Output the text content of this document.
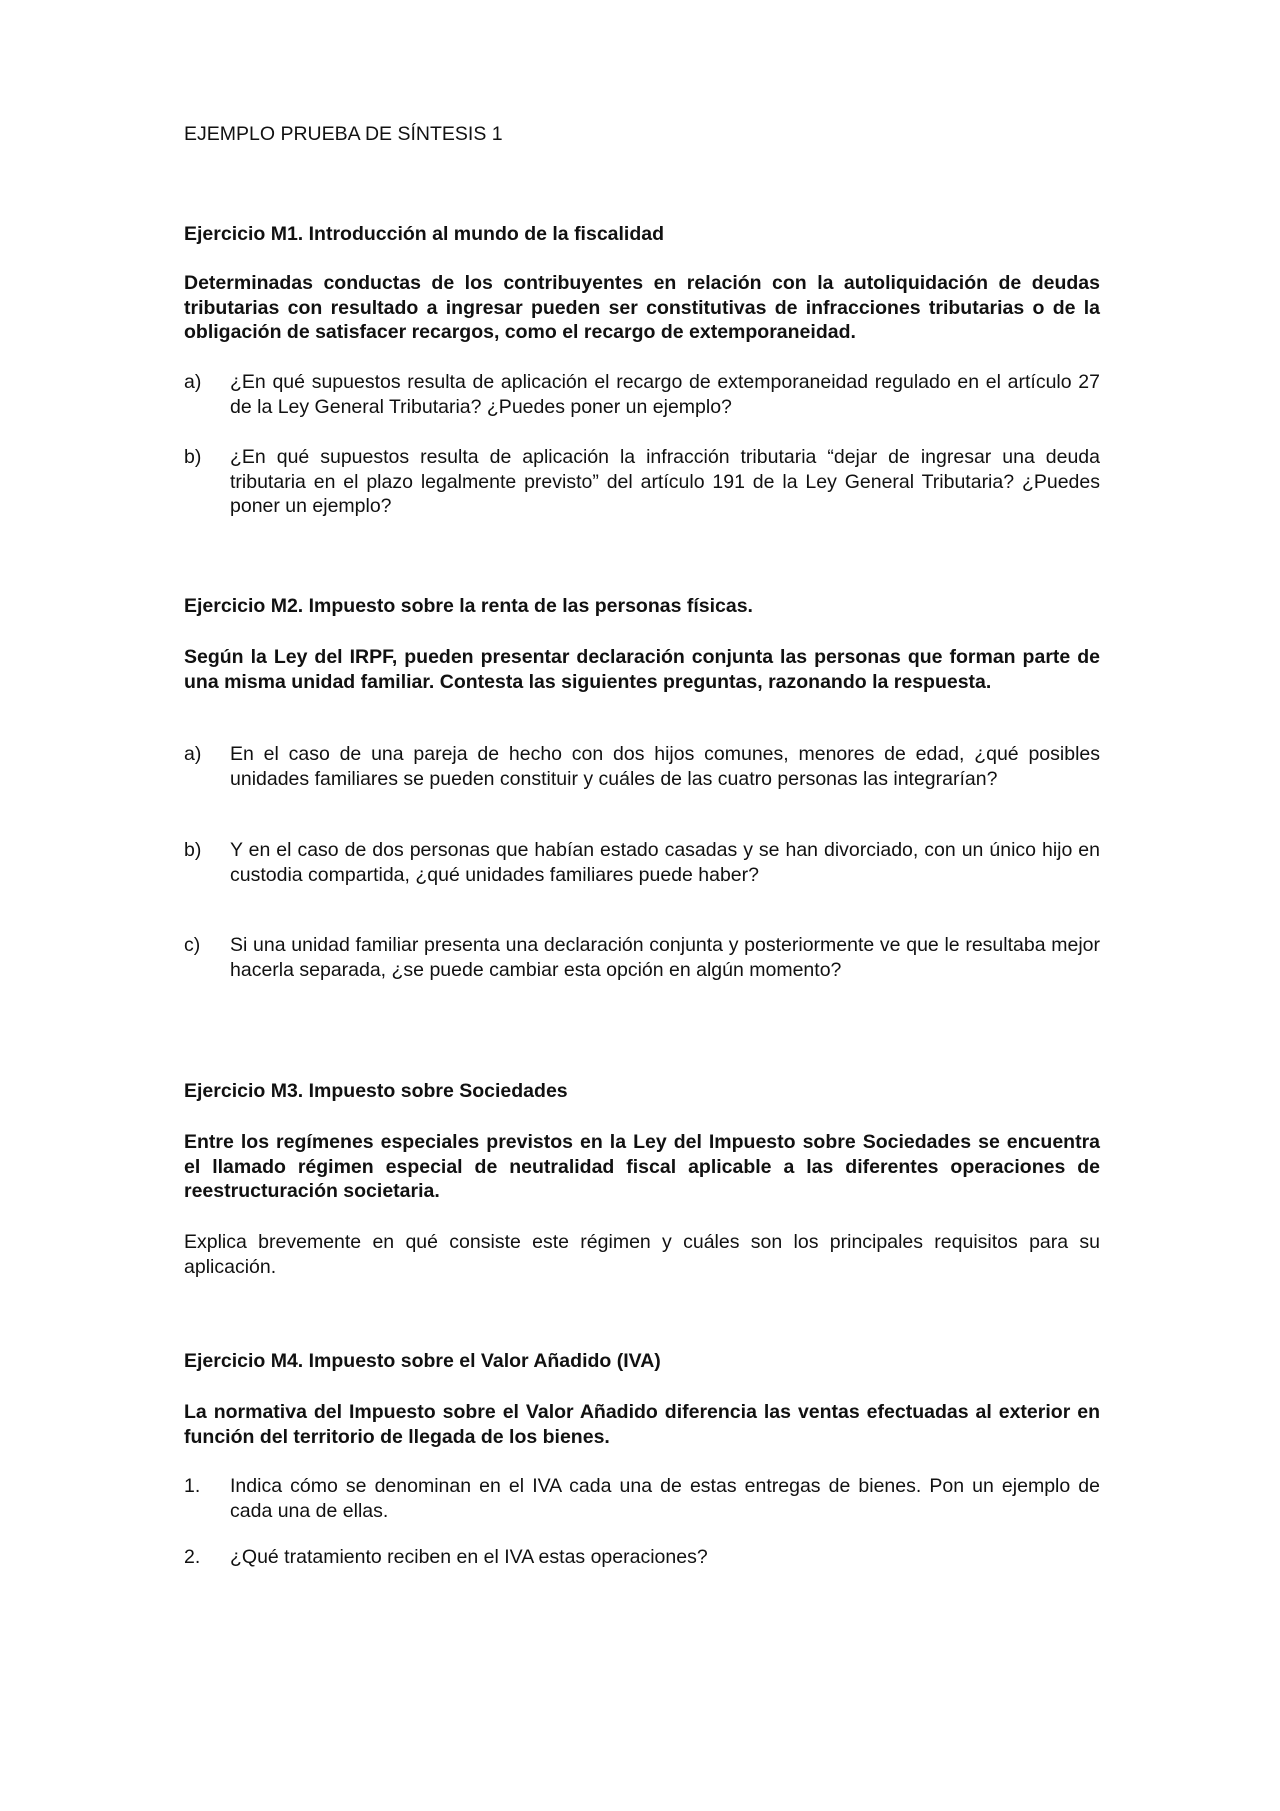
EJEMPLO PRUEBA DE SÍNTESIS 1

Ejercicio M1. Introducción al mundo de la fiscalidad

Determinadas conductas de los contribuyentes en relación con la autoliquidación de deudas tributarias con resultado a ingresar pueden ser constitutivas de infracciones tributarias o de la obligación de satisfacer recargos, como el recargo de extemporaneidad.

a)	¿En qué supuestos resulta de aplicación el recargo de extemporaneidad regulado en el artículo 27 de la Ley General Tributaria? ¿Puedes poner un ejemplo?
b)	¿En qué supuestos resulta de aplicación la infracción tributaria “dejar de ingresar una deuda tributaria en el plazo legalmente previsto” del artículo 191 de la Ley General Tributaria? ¿Puedes poner un ejemplo?

Ejercicio M2. Impuesto sobre la renta de las personas físicas.

Según la Ley del IRPF, pueden presentar declaración conjunta las personas que forman parte de una misma unidad familiar. Contesta las siguientes preguntas, razonando la respuesta.

a)	En el caso de una pareja de hecho con dos hijos comunes, menores de edad, ¿qué posibles unidades familiares se pueden constituir y cuáles de las cuatro personas las integrarían?
b)	Y en el caso de dos personas que habían estado casadas y se han divorciado, con un único hijo en custodia compartida, ¿qué unidades familiares puede haber?
c)	Si una unidad familiar presenta una declaración conjunta y posteriormente ve que le resultaba mejor hacerla separada, ¿se puede cambiar esta opción en algún momento?

Ejercicio M3. Impuesto sobre Sociedades

Entre los regímenes especiales previstos en la Ley del Impuesto sobre Sociedades se encuentra el llamado régimen especial de neutralidad fiscal aplicable a las diferentes operaciones de reestructuración societaria.

Explica brevemente en qué consiste este régimen y cuáles son los principales requisitos para su aplicación.

Ejercicio M4. Impuesto sobre el Valor Añadido (IVA)

La normativa del Impuesto sobre el Valor Añadido diferencia las ventas efectuadas al exterior en función del territorio de llegada de los bienes.

1.	Indica cómo se denominan en el IVA cada una de estas entregas de bienes. Pon un ejemplo de cada una de ellas.
2.	¿Qué tratamiento reciben en el IVA estas operaciones?
